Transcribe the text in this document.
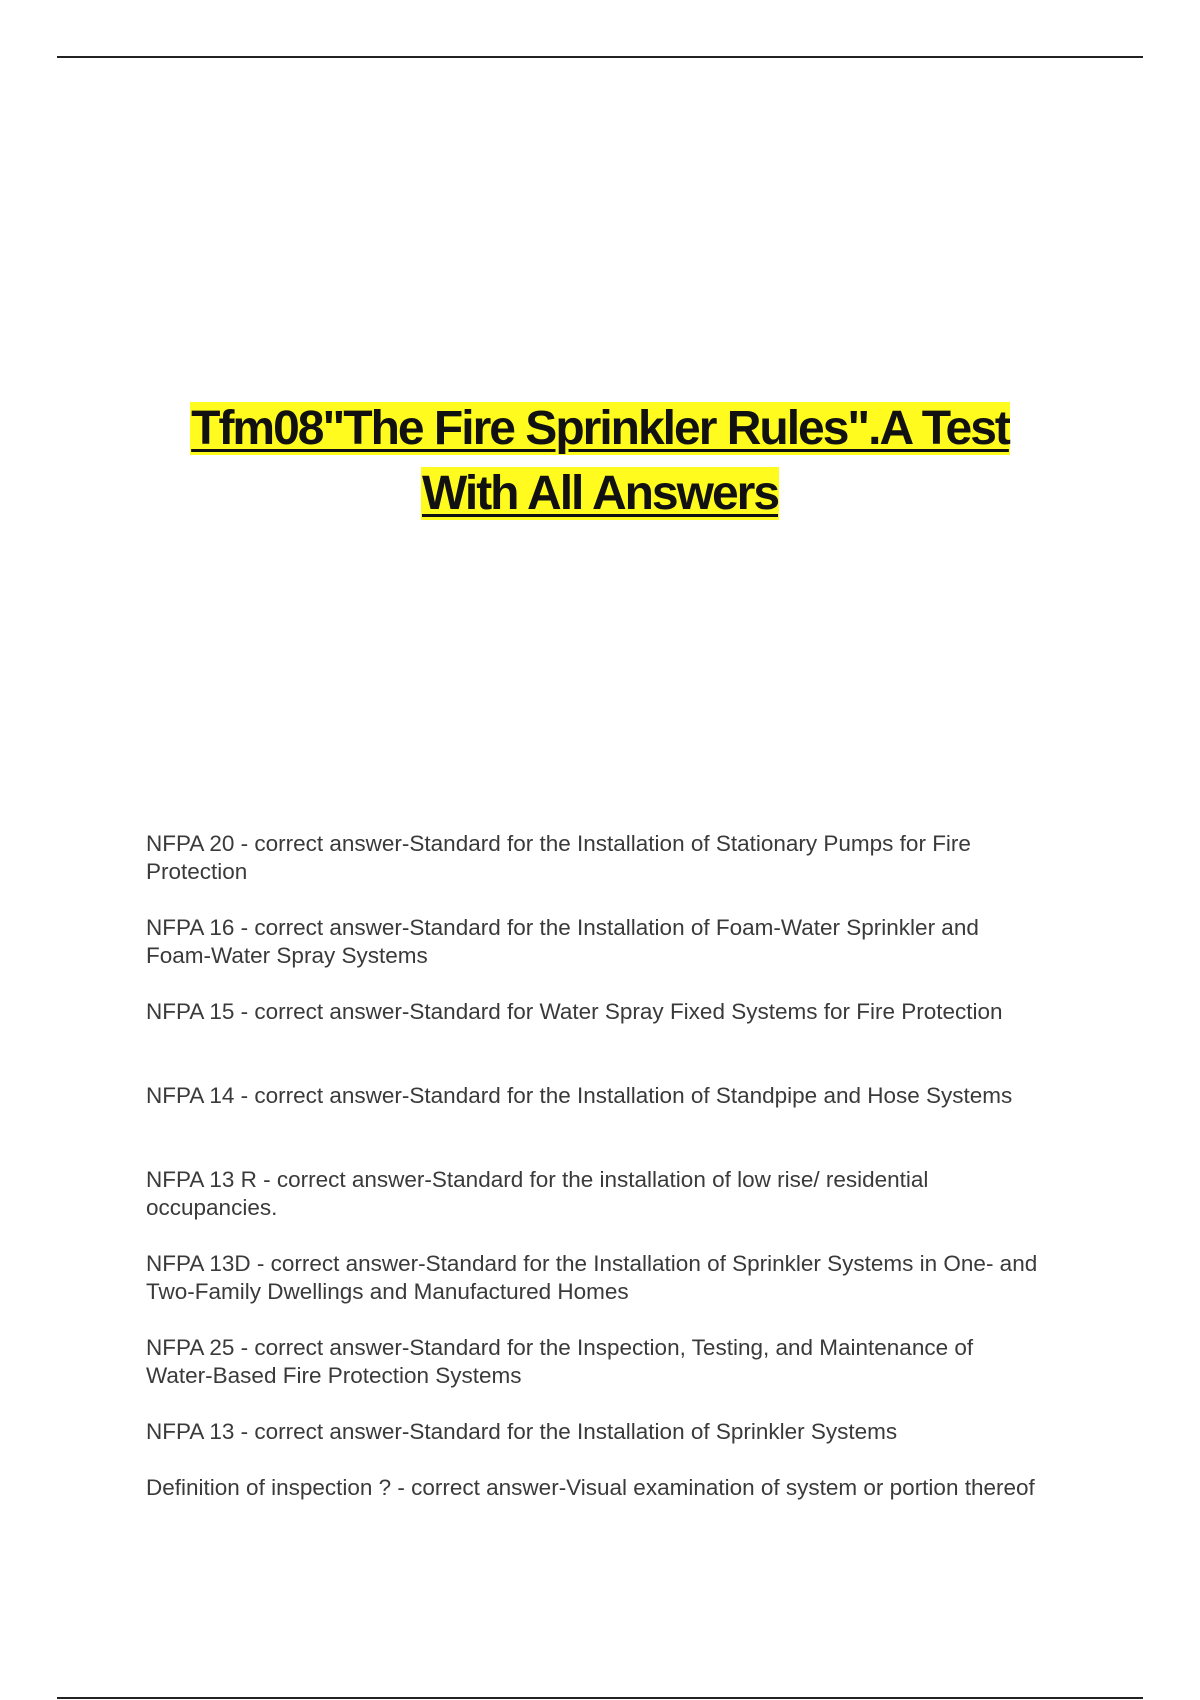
Tfm08"The Fire Sprinkler Rules".A Test
With All Answers
NFPA 20 - correct answer-Standard for the Installation of Stationary Pumps for Fire Protection
NFPA 16 - correct answer-Standard for the Installation of Foam-Water Sprinkler and Foam-Water Spray Systems
NFPA 15 - correct answer-Standard for Water Spray Fixed Systems for Fire Protection
NFPA 14 - correct answer-Standard for the Installation of Standpipe and Hose Systems
NFPA 13 R - correct answer-Standard for the installation of low rise/ residential occupancies.
NFPA 13D - correct answer-Standard for the Installation of Sprinkler Systems in One- and Two-Family Dwellings and Manufactured Homes
NFPA 25 - correct answer-Standard for the Inspection, Testing, and Maintenance of Water-Based Fire Protection Systems
NFPA 13 - correct answer-Standard for the Installation of Sprinkler Systems
Definition of inspection ? - correct answer-Visual examination of system or portion thereof
